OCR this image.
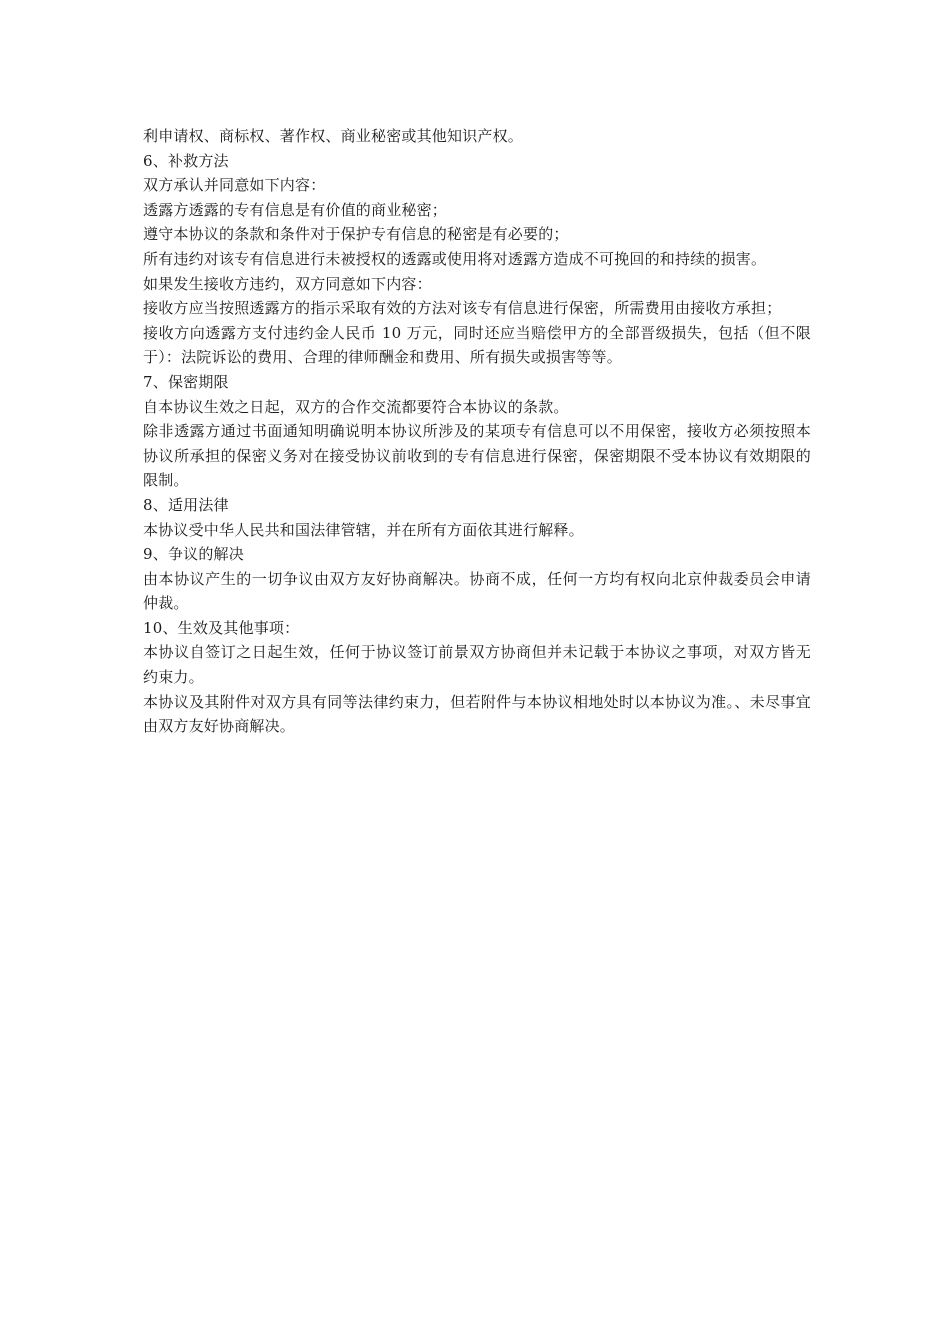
利申请权、商标权、著作权、商业秘密或其他知识产权。

6、补救方法

双方承认并同意如下内容：

透露方透露的专有信息是有价值的商业秘密；

遵守本协议的条款和条件对于保护专有信息的秘密是有必要的；

所有违约对该专有信息进行未被授权的透露或使用将对透露方造成不可挽回的和持续的损害。

如果发生接收方违约，双方同意如下内容：

接收方应当按照透露方的指示采取有效的方法对该专有信息进行保密，所需费用由接收方承担；

接收方向透露方支付违约金人民币 10 万元，同时还应当赔偿甲方的全部晋级损失，包括（但不限于）：法院诉讼的费用、合理的律师酬金和费用、所有损失或损害等等。

7、保密期限

自本协议生效之日起，双方的合作交流都要符合本协议的条款。

除非透露方通过书面通知明确说明本协议所涉及的某项专有信息可以不用保密，接收方必须按照本协议所承担的保密义务对在接受协议前收到的专有信息进行保密，保密期限不受本协议有效期限的限制。

8、适用法律

本协议受中华人民共和国法律管辖，并在所有方面依其进行解释。

9、争议的解决

由本协议产生的一切争议由双方友好协商解决。协商不成，任何一方均有权向北京仲裁委员会申请仲裁。

10、生效及其他事项：

本协议自签订之日起生效，任何于协议签订前景双方协商但并未记载于本协议之事项，对双方皆无约束力。

本协议及其附件对双方具有同等法律约束力，但若附件与本协议相地处时以本协议为准。、未尽事宜由双方友好协商解决。
